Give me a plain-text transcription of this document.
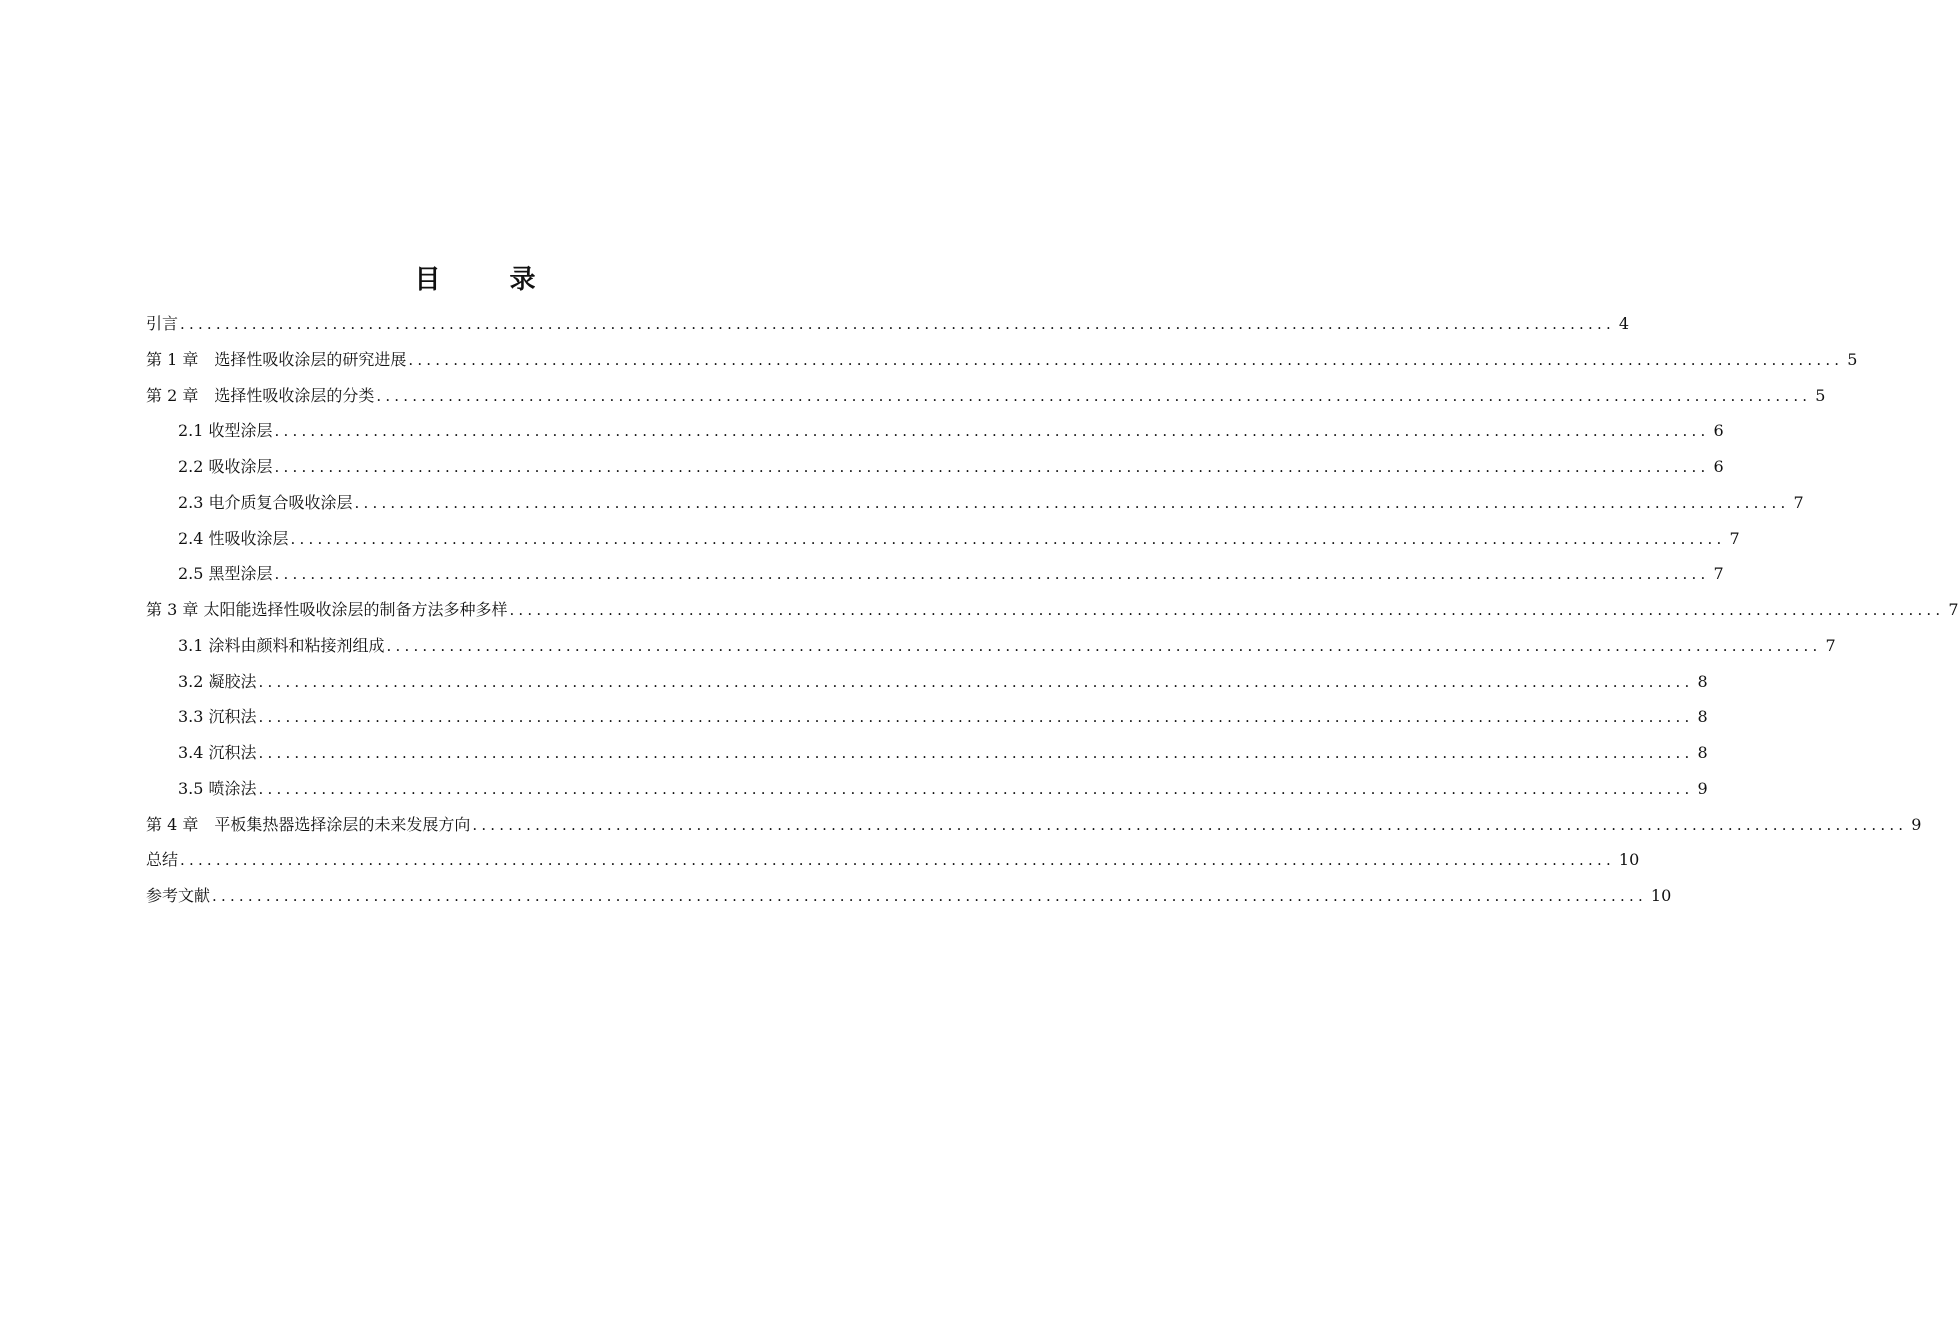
目 录
引言 ................................................................................................................................................................ 4
第 1 章　选择性吸收涂层的研究进展 ................................................................................................................................................................ 5
第 2 章　选择性吸收涂层的分类 ................................................................................................................................................................ 5
2.1 收型涂层 ................................................................................................................................................................ 6
2.2 吸收涂层 ................................................................................................................................................................ 6
2.3 电介质复合吸收涂层 ................................................................................................................................................................ 7
2.4 性吸收涂层 ................................................................................................................................................................ 7
2.5 黑型涂层 ................................................................................................................................................................ 7
第 3 章 太阳能选择性吸收涂层的制备方法多种多样 ................................................................................................................................................................ 7
3.1 涂料由颜料和粘接剂组成 ................................................................................................................................................................ 7
3.2 凝胶法 ................................................................................................................................................................ 8
3.3 沉积法 ................................................................................................................................................................ 8
3.4 沉积法 ................................................................................................................................................................ 8
3.5 喷涂法 ................................................................................................................................................................ 9
第 4 章　平板集热器选择涂层的未来发展方向 ................................................................................................................................................................ 9
总结 ................................................................................................................................................................ 10
参考文献 ................................................................................................................................................................ 10
